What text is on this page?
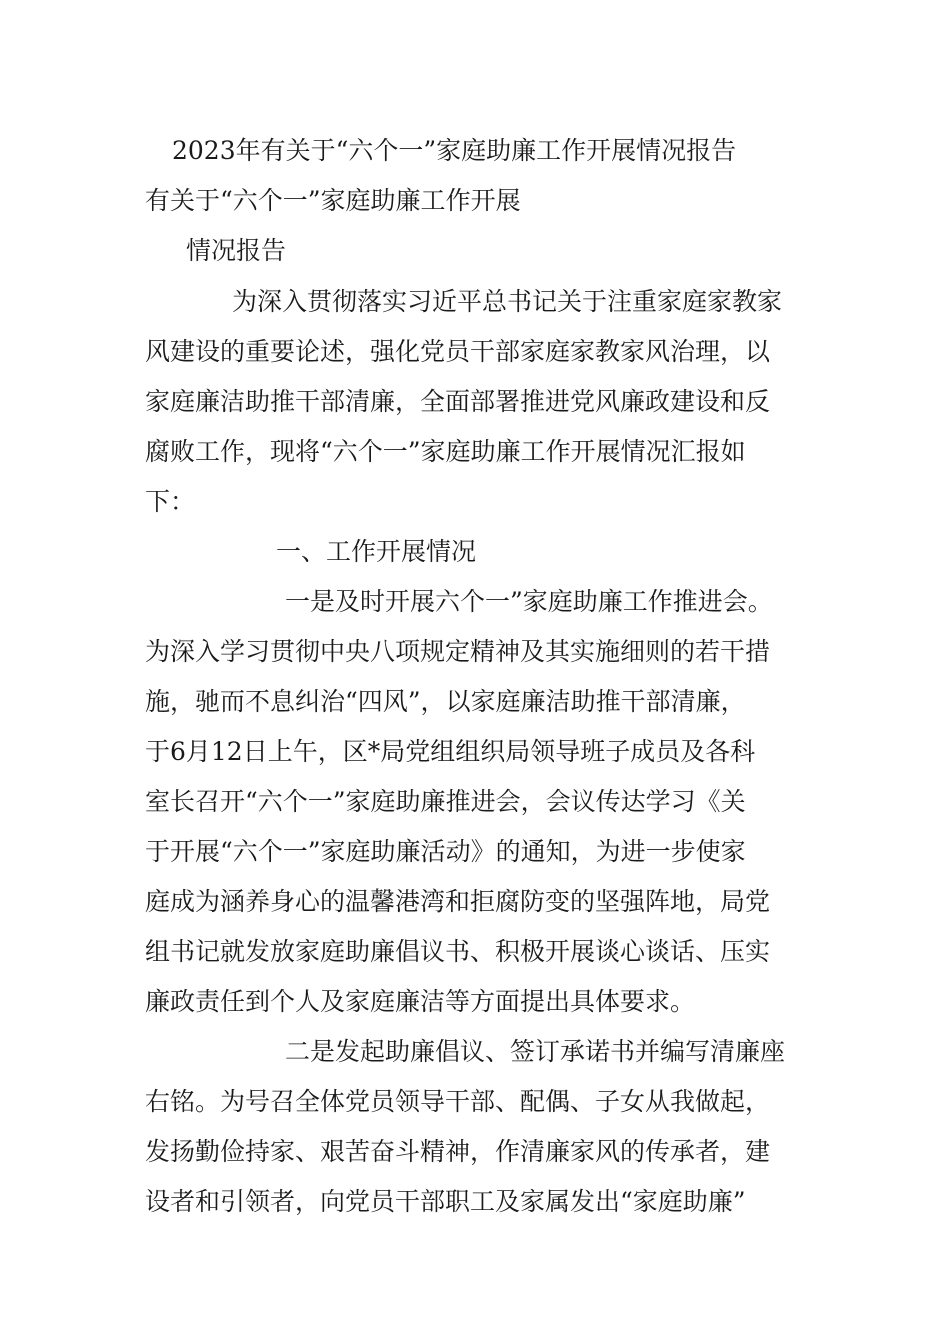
2023年有关于“六个一”家庭助廉工作开展情况报告
有关于“六个一”家庭助廉工作开展
情况报告
为深入贯彻落实习近平总书记关于注重家庭家教家
风建设的重要论述，强化党员干部家庭家教家风治理，以
家庭廉洁助推干部清廉，全面部署推进党风廉政建设和反
腐败工作，现将“六个一”家庭助廉工作开展情况汇报如
下：
一、工作开展情况
一是及时开展六个一”家庭助廉工作推进会。
为深入学习贯彻中央八项规定精神及其实施细则的若干措
施，驰而不息纠治“四风”，以家庭廉洁助推干部清廉，
于6月12日上午，区*局党组组织局领导班子成员及各科
室长召开“六个一”家庭助廉推进会，会议传达学习《关
于开展“六个一”家庭助廉活动》的通知，为进一步使家
庭成为涵养身心的温馨港湾和拒腐防变的坚强阵地，局党
组书记就发放家庭助廉倡议书、积极开展谈心谈话、压实
廉政责任到个人及家庭廉洁等方面提出具体要求。
二是发起助廉倡议、签订承诺书并编写清廉座
右铭。为号召全体党员领导干部、配偶、子女从我做起，
发扬勤俭持家、艰苦奋斗精神，作清廉家风的传承者，建
设者和引领者，向党员干部职工及家属发出“家庭助廉”
